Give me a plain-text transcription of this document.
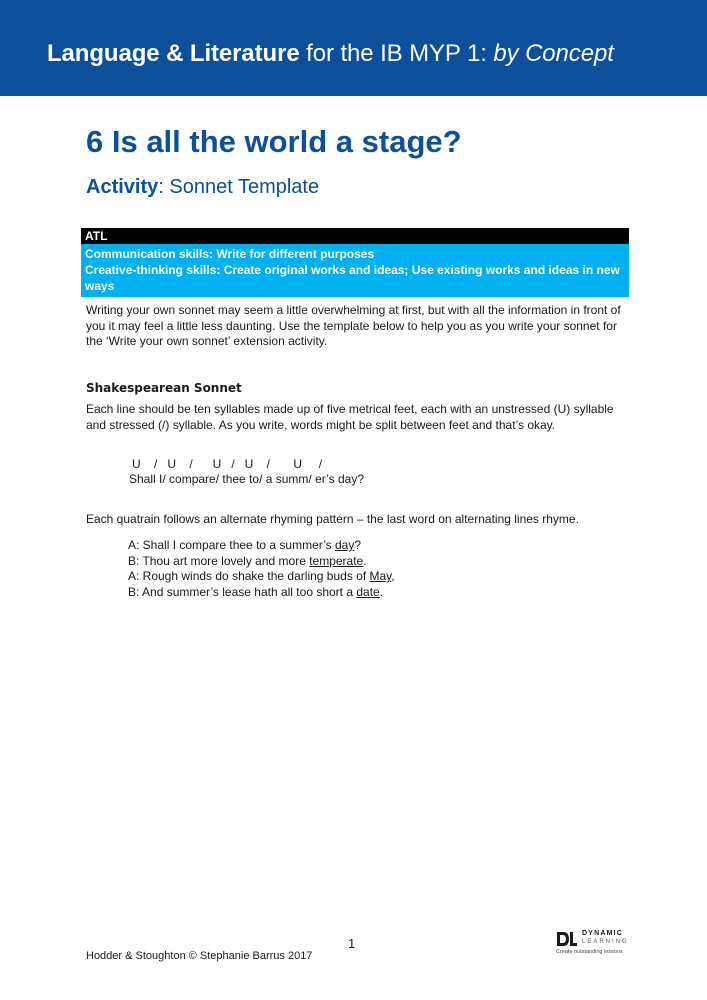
Language & Literature for the IB MYP 1: by Concept
6 Is all the world a stage?
Activity: Sonnet Template
ATL
Communication skills: Write for different purposes
Creative-thinking skills: Create original works and ideas; Use existing works and ideas in new ways
Writing your own sonnet may seem a little overwhelming at first, but with all the information in front of you it may feel a little less daunting. Use the template below to help you as you write your sonnet for the ‘Write your own sonnet’ extension activity.
Shakespearean Sonnet
Each line should be ten syllables made up of five metrical feet, each with an unstressed (U) syllable and stressed (/) syllable. As you write, words might be split between feet and that’s okay.
U    /   U    /      U   /   U    /       U     /
Shall I/ compare/ thee to/ a summ/ er’s day?
Each quatrain follows an alternate rhyming pattern – the last word on alternating lines rhyme.
A: Shall I compare thee to a summer’s day?
B: Thou art more lovely and more temperate.
A: Rough winds do shake the darling buds of May,
B: And summer’s lease hath all too short a date.
1
Hodder & Stoughton © Stephanie Barrus 2017
DYNAMIC
LEARNING
Create outstanding lessons
